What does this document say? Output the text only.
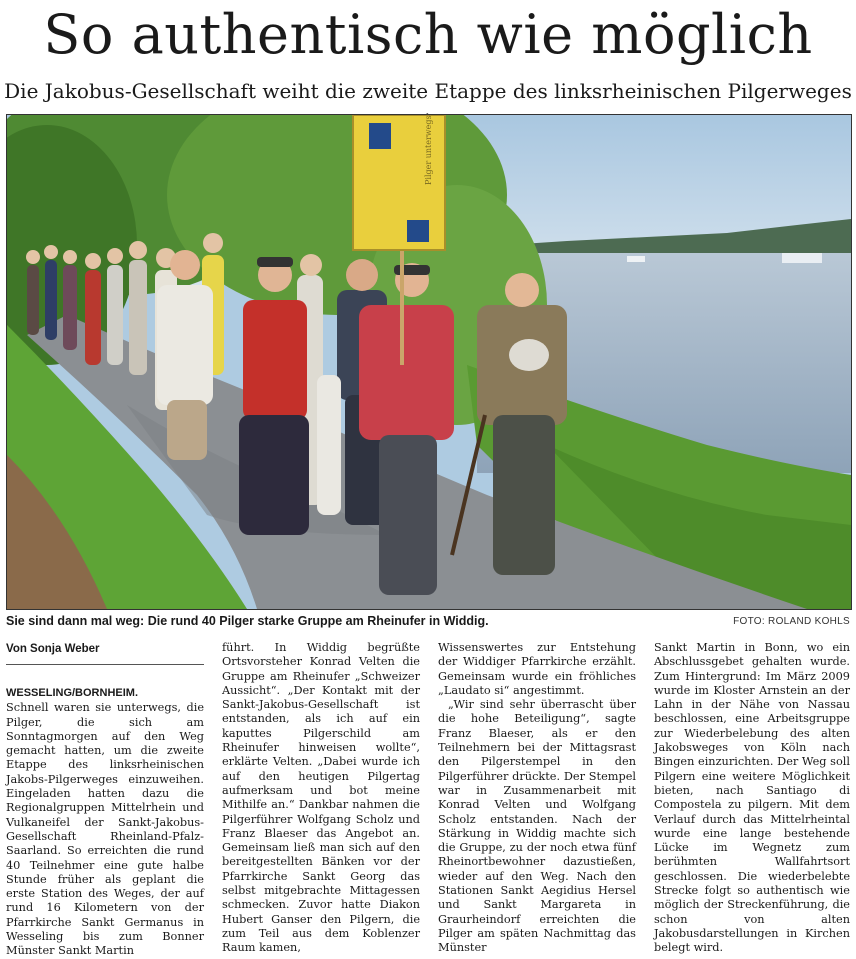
So authentisch wie möglich
Die Jakobus-Gesellschaft weiht die zweite Etappe des linksrheinischen Pilgerweges
Pilger unterwegs
Sie sind dann mal weg: Die rund 40 Pilger starke Gruppe am Rheinufer in Widdig.	FOTO: ROLAND KOHLS
Von Sonja Weber
WESSELING/BORNHEIM.

Schnell waren sie unterwegs, die Pilger, die sich am Sonntagmorgen auf den Weg gemacht hatten, um die zweite Etappe des linksrheinischen Jakobs-Pilgerweges einzuweihen. Eingeladen hatten dazu die Regionalgruppen Mittelrhein und Vulkaneifel der Sankt-Jakobus-Gesellschaft Rheinland-Pfalz-Saarland. So erreichten die rund 40 Teilnehmer eine gute halbe Stunde früher als geplant die erste Station des Weges, der auf rund 16 Kilometern von der Pfarrkirche Sankt Germanus in Wesseling bis zum Bonner Münster Sankt Martin

führt. In Widdig begrüßte Ortsvorsteher Konrad Velten die Gruppe am Rheinufer „Schweizer Aussicht“. „Der Kontakt mit der Sankt-Jakobus-Gesellschaft ist entstanden, als ich auf ein kaputtes Pilgerschild am Rheinufer hinweisen wollte“, erklärte Velten. „Dabei wurde ich auf den heutigen Pilgertag aufmerksam und bot meine Mithilfe an.“ Dankbar nahmen die Pilgerführer Wolfgang Scholz und Franz Blaeser das Angebot an. Gemeinsam ließ man sich auf den bereitgestellten Bänken vor der Pfarrkirche Sankt Georg das selbst mitgebrachte Mittagessen schmecken. Zuvor hatte Diakon Hubert Ganser den Pilgern, die zum Teil aus dem Koblenzer Raum kamen,

Wissenswertes zur Entstehung der Widdiger Pfarrkirche erzählt. Gemeinsam wurde ein fröhliches „Laudato si“ angestimmt.

„Wir sind sehr überrascht über die hohe Beteiligung“, sagte Franz Blaeser, als er den Teilnehmern bei der Mittagsrast den Pilgerstempel in den Pilgerführer drückte. Der Stempel war in Zusammenarbeit mit Konrad Velten und Wolfgang Scholz entstanden. Nach der Stärkung in Widdig machte sich die Gruppe, zu der noch etwa fünf Rheinortbewohner dazustießen, wieder auf den Weg. Nach den Stationen Sankt Aegidius Hersel und Sankt Margareta in Graurheindorf erreichten die Pilger am späten Nachmittag das Münster

Sankt Martin in Bonn, wo ein Abschlussgebet gehalten wurde. Zum Hintergrund: Im März 2009 wurde im Kloster Arnstein an der Lahn in der Nähe von Nassau beschlossen, eine Arbeitsgruppe zur Wiederbelebung des alten Jakobsweges von Köln nach Bingen einzurichten. Der Weg soll Pilgern eine weitere Möglichkeit bieten, nach Santiago di Compostela zu pilgern. Mit dem Verlauf durch das Mittelrheintal wurde eine lange bestehende Lücke im Wegnetz zum berühmten Wallfahrtsort geschlossen. Die wiederbelebte Strecke folgt so authentisch wie möglich der Streckenführung, die schon von alten Jakobusdarstellungen in Kirchen belegt wird.
